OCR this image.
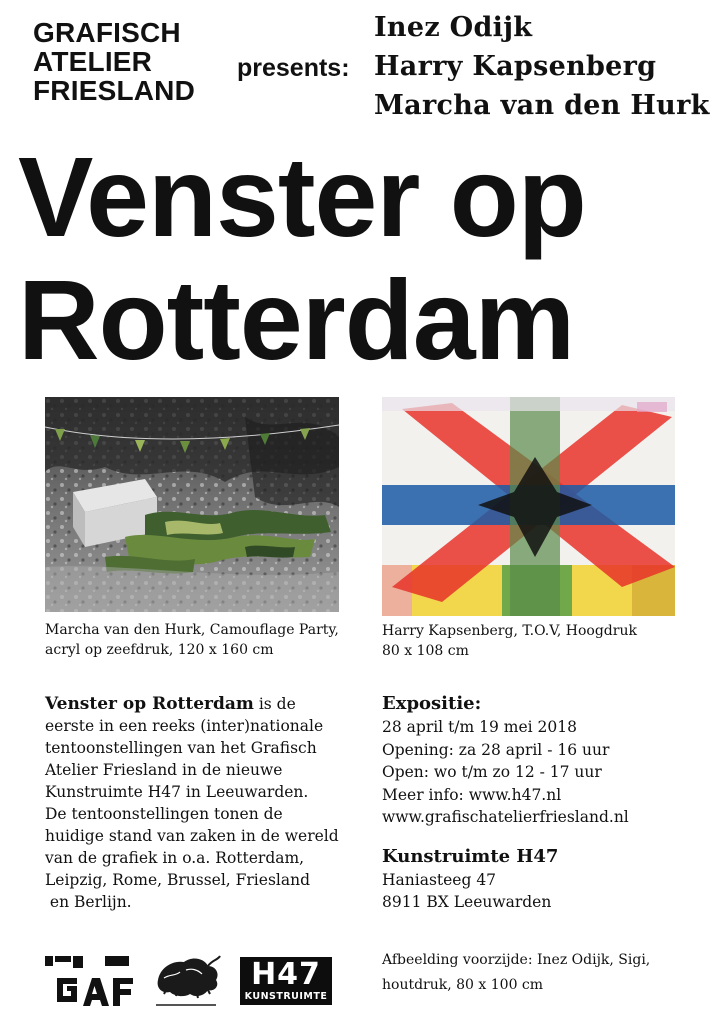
GRAFISCH
ATELIER
FRIESLAND
presents:
Inez Odijk
Harry Kapsenberg
Marcha van den Hurk
Venster op
Rotterdam
Marcha van den Hurk, Camouflage Party,
acryl op zeefdruk, 120 x 160 cm
Harry Kapsenberg, T.O.V, Hoogdruk
80 x 108 cm
Venster op Rotterdam is de
eerste in een reeks (inter)nationale
tentoonstellingen van het Grafisch
Atelier Friesland in de nieuwe
Kunstruimte H47 in Leeuwarden.
De tentoonstellingen tonen de
huidige stand van zaken in de wereld
van de grafiek in o.a. Rotterdam,
Leipzig, Rome, Brussel, Friesland
en Berlijn.
Expositie:
28 april t/m 19 mei 2018
Opening: za 28 april - 16 uur
Open: wo t/m zo 12 - 17 uur
Meer info: www.h47.nl
www.grafischatelierfriesland.nl
Kunstruimte H47
Haniasteeg 47
8911 BX Leeuwarden
Afbeelding voorzijde: Inez Odijk, Sigi,
houtdruk, 80 x 100 cm
H47
KUNSTRUIMTE
